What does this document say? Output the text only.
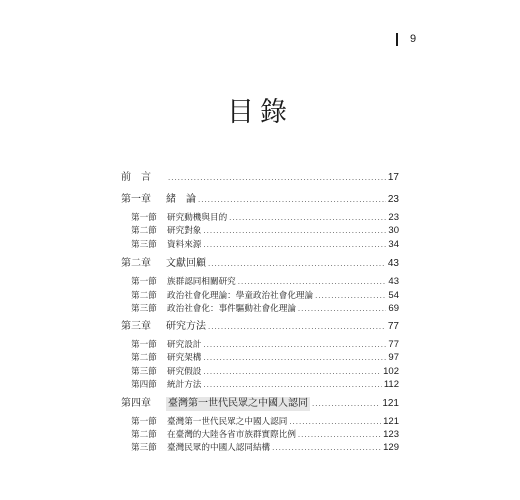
9
目錄
前　言 .....	17
第一章	緒　論 .....	23
第一節	研究動機與目的 .....	23
第二節	研究對象 .....	30
第三節	資料來源 .....	34
第二章	文獻回顧 .....	43
第一節	族群認同相關研究 .....	43
第二節	政治社會化理論：學童政治社會化理論 .....	54
第三節	政治社會化：事件驅動社會化理論 .....	69
第三章	研究方法 .....	77
第一節	研究設計 .....	77
第二節	研究架構 .....	97
第三節	研究假設 .....	102
第四節	統計方法 .....	112
第四章	臺灣第一世代民眾之中國人認同 .....	121
第一節	臺灣第一世代民眾之中國人認同 .....	121
第二節	在臺灣的大陸各省市族群實際比例 .....	123
第三節	臺灣民眾的中國人認同結構 .....	129
